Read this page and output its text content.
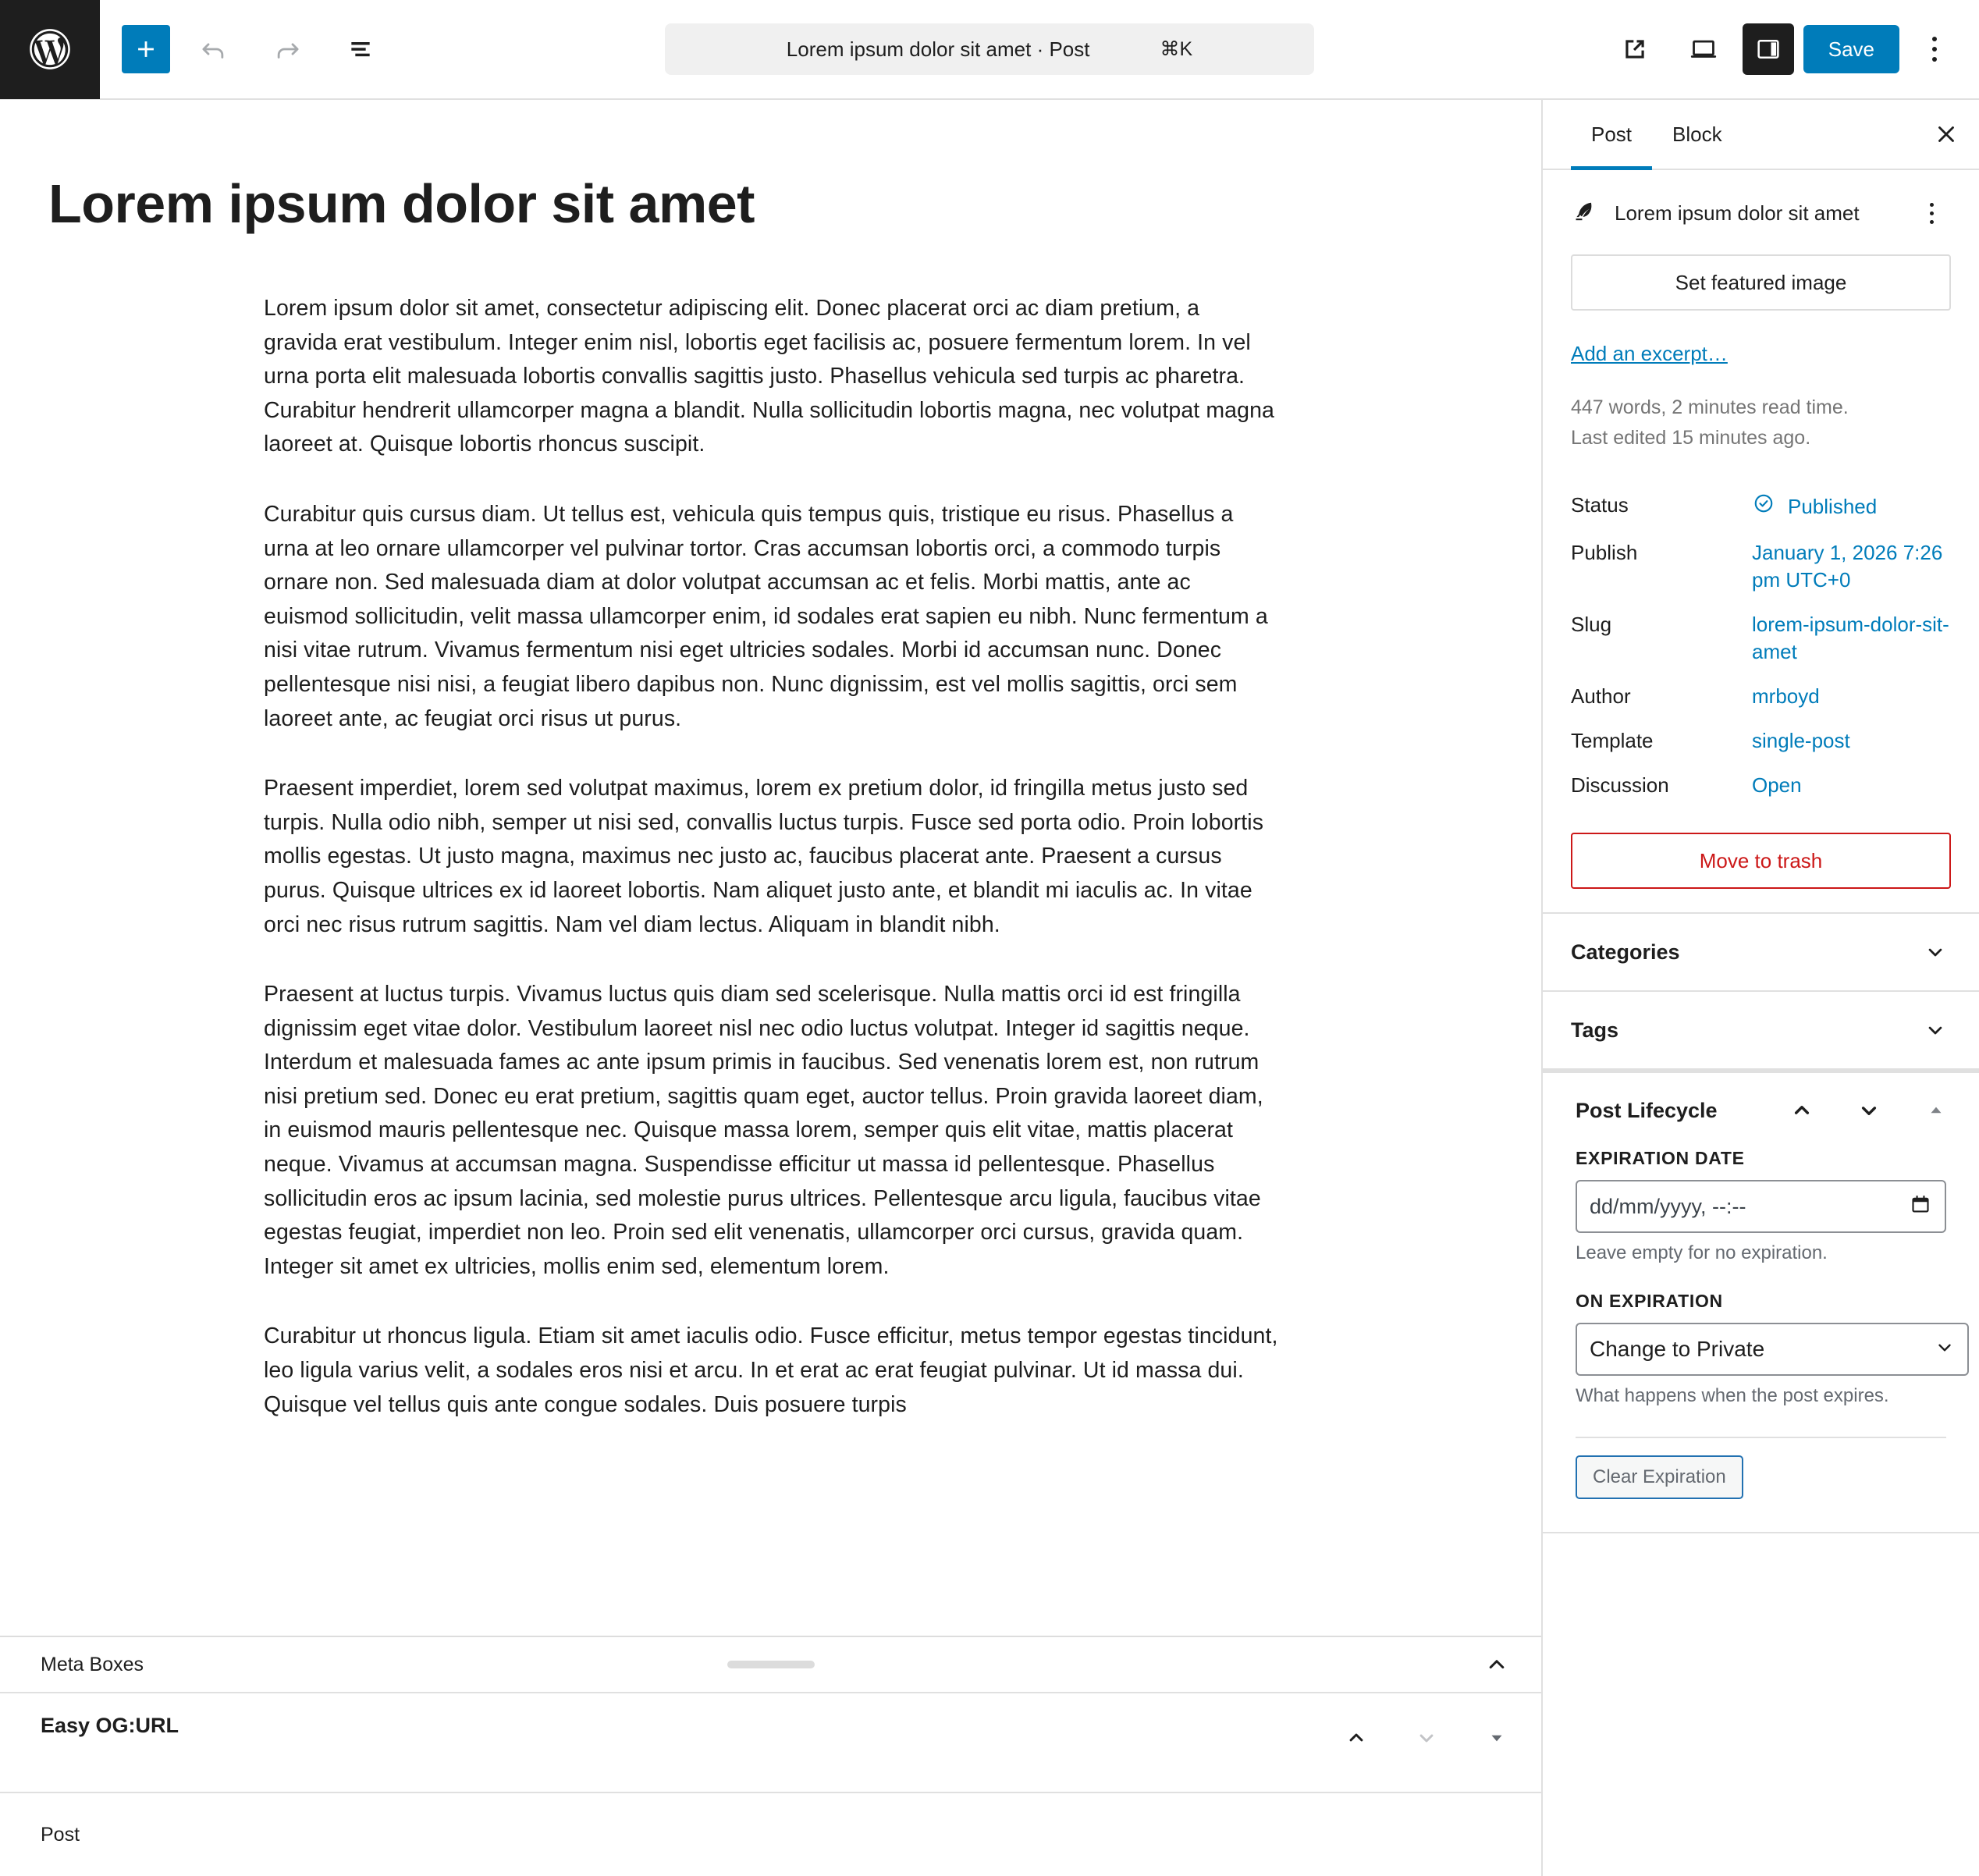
Lorem ipsum dolor sit amet · Post	⌘K	Save
Lorem ipsum dolor sit amet

Lorem ipsum dolor sit amet, consectetur adipiscing elit. Donec placerat orci ac diam pretium, a gravida erat vestibulum. Integer enim nisl, lobortis eget facilisis ac, posuere fermentum lorem. In vel urna porta elit malesuada lobortis convallis sagittis justo. Phasellus vehicula sed turpis ac pharetra. Curabitur hendrerit ullamcorper magna a blandit. Nulla sollicitudin lobortis magna, nec volutpat magna laoreet at. Quisque lobortis rhoncus suscipit.

Curabitur quis cursus diam. Ut tellus est, vehicula quis tempus quis, tristique eu risus. Phasellus a urna at leo ornare ullamcorper vel pulvinar tortor. Cras accumsan lobortis orci, a commodo turpis ornare non. Sed malesuada diam at dolor volutpat accumsan ac et felis. Morbi mattis, ante ac euismod sollicitudin, velit massa ullamcorper enim, id sodales erat sapien eu nibh. Nunc fermentum a nisi vitae rutrum. Vivamus fermentum nisi eget ultricies sodales. Morbi id accumsan nunc. Donec pellentesque nisi nisi, a feugiat libero dapibus non. Nunc dignissim, est vel mollis sagittis, orci sem laoreet ante, ac feugiat orci risus ut purus.

Praesent imperdiet, lorem sed volutpat maximus, lorem ex pretium dolor, id fringilla metus justo sed turpis. Nulla odio nibh, semper ut nisi sed, convallis luctus turpis. Fusce sed porta odio. Proin lobortis mollis egestas. Ut justo magna, maximus nec justo ac, faucibus placerat ante. Praesent a cursus purus. Quisque ultrices ex id laoreet lobortis. Nam aliquet justo ante, et blandit mi iaculis ac. In vitae orci nec risus rutrum sagittis. Nam vel diam lectus. Aliquam in blandit nibh.

Praesent at luctus turpis. Vivamus luctus quis diam sed scelerisque. Nulla mattis orci id est fringilla dignissim eget vitae dolor. Vestibulum laoreet nisl nec odio luctus volutpat. Integer id sagittis neque. Interdum et malesuada fames ac ante ipsum primis in faucibus. Sed venenatis lorem est, non rutrum nisi pretium sed. Donec eu erat pretium, sagittis quam eget, auctor tellus. Proin gravida laoreet diam, in euismod mauris pellentesque nec. Quisque massa lorem, semper quis elit vitae, mattis placerat neque. Vivamus at accumsan magna. Suspendisse efficitur ut massa id pellentesque. Phasellus sollicitudin eros ac ipsum lacinia, sed molestie purus ultrices. Pellentesque arcu ligula, faucibus vitae egestas feugiat, imperdiet non leo. Proin sed elit venenatis, ullamcorper orci cursus, gravida quam. Integer sit amet ex ultricies, mollis enim sed, elementum lorem.

Curabitur ut rhoncus ligula. Etiam sit amet iaculis odio. Fusce efficitur, metus tempor egestas tincidunt, leo ligula varius velit, a sodales eros nisi et arcu. In et erat ac erat feugiat pulvinar. Ut id massa dui. Quisque vel tellus quis ante congue sodales. Duis posuere turpis

Meta Boxes
Easy OG:URL
Post
Post	Block
Lorem ipsum dolor sit amet
Set featured image Add an excerpt…
447 words, 2 minutes read time.
Last edited 15 minutes ago.
Status	Published
Publish	January 1, 2026 7:26 pm UTC+0
Slug	lorem-ipsum-dolor-sit-amet
Author	mrboyd
Template	single-post
Discussion	Open
Move to trash
Categories
Tags
Post Lifecycle
EXPIRATION DATE
dd/mm/yyyy, --:--
Leave empty for no expiration.
ON EXPIRATION
Change to Private
What happens when the post expires.
Clear Expiration
